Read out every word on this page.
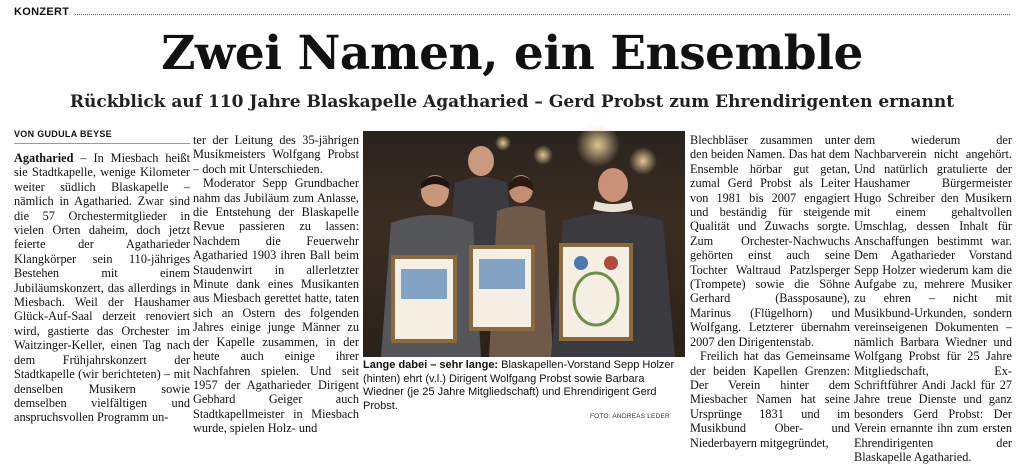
KONZERT
Zwei Namen, ein Ensemble
Rückblick auf 110 Jahre Blaskapelle Agatharied – Gerd Probst zum Ehrendirigenten ernannt
VON GUDULA BEYSE

Agatharied – In Miesbach heißt sie Stadtkapelle, wenige Kilometer weiter südlich Blaskapelle – nämlich in Agatharied. Zwar sind die 57 Orchestermitglieder in vielen Orten daheim, doch jetzt feierte der Agatharieder Klangkörper sein 110-jähriges Bestehen mit einem Jubiläumskonzert, das allerdings in Miesbach. Weil der Haushamer Glück-Auf-Saal derzeit renoviert wird, gastierte das Orchester im Waitzinger-Keller, einen Tag nach dem Frühjahrskonzert der Stadtkapelle (wir berichteten) – mit denselben Musikern sowie demselben vielfältigen und anspruchsvollen Programm un-

ter der Leitung des 35-jährigen Musikmeisters Wolfgang Probst – doch mit Unterschieden.

Moderator Sepp Grundbacher nahm das Jubiläum zum Anlasse, die Entstehung der Blaskapelle Revue passieren zu lassen: Nachdem die Feuerwehr Agatharied 1903 ihren Ball beim Staudenwirt in allerletzter Minute dank eines Musikanten aus Miesbach gerettet hatte, taten sich an Ostern des folgenden Jahres einige junge Männer zu der Kapelle zusammen, in der heute auch einige ihrer Nachfahren spielen. Und seit 1957 der Agatharieder Dirigent Gebhard Geiger auch Stadtkapellmeister in Miesbach wurde, spielen Holz- und

Lange dabei – sehr lange: Blaskapellen-Vorstand Sepp Holzer (hinten) ehrt (v.l.) Dirigent Wolfgang Probst sowie Barbara Wiedner (je 25 Jahre Mitgliedschaft) und Ehrendirigent Gerd Probst.
FOTO: ANDREAS LEDER

Blechbläser zusammen unter den beiden Namen. Das hat dem Ensemble hörbar gut getan, zumal Gerd Probst als Leiter von 1981 bis 2007 engagiert und beständig für steigende Qualität und Zuwachs sorgte. Zum Orchester-Nachwuchs gehörten einst auch seine Tochter Waltraud Patzlsperger (Trompete) sowie die Söhne Gerhard (Bassposaune), Marinus (Flügelhorn) und Wolfgang. Letzterer übernahm 2007 den Dirigentenstab.

Freilich hat das Gemeinsame der beiden Kapellen Grenzen: Der Verein hinter dem Miesbacher Namen hat seine Ursprünge 1831 und im Musikbund Ober- und Niederbayern mitgegründet,

dem wiederum der Nachbarverein nicht angehört. Und natürlich gratulierte der Haushamer Bürgermeister Hugo Schreiber den Musikern mit einem gehaltvollen Umschlag, dessen Inhalt für Anschaffungen bestimmt war. Dem Agatharieder Vorstand Sepp Holzer wiederum kam die Aufgabe zu, mehrere Musiker zu ehren – nicht mit Musikbund-Urkunden, sondern vereinseigenen Dokumenten – nämlich Barbara Wiedner und Wolfgang Probst für 25 Jahre Mitgliedschaft, Ex-Schriftführer Andi Jackl für 27 Jahre treue Dienste und ganz besonders Gerd Probst: Der Verein ernannte ihn zum ersten Ehrendirigenten der Blaskapelle Agatharied.
